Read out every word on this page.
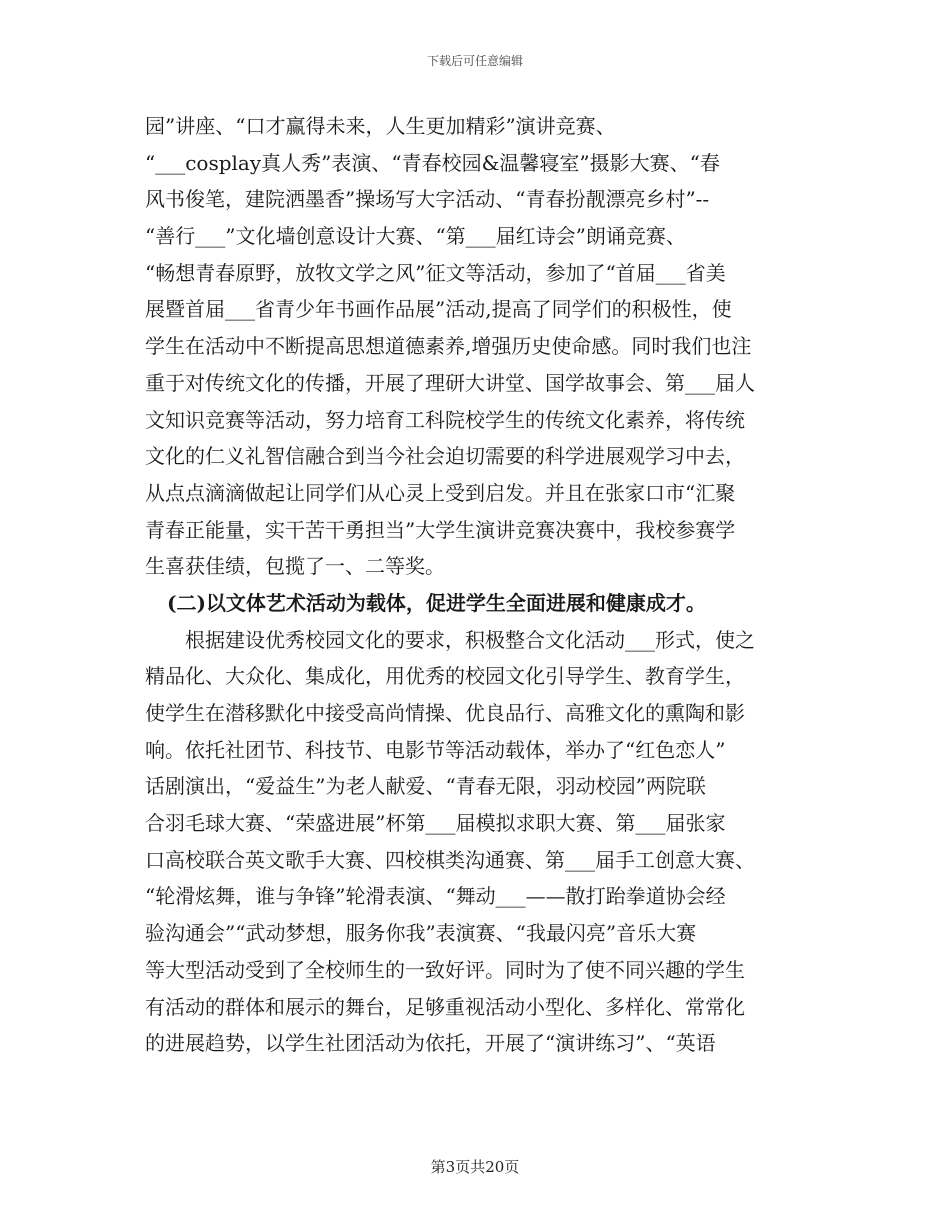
下载后可任意编辑
园”讲座、“口才赢得未来，人生更加精彩”演讲竞赛、
“___cosplay真人秀”表演、“青春校园&温馨寝室”摄影大赛、“春
风书俊笔，建院洒墨香”操场写大字活动、“青春扮靓漂亮乡村”--
“善行___”文化墙创意设计大赛、“第___届红诗会”朗诵竞赛、
“畅想青春原野，放牧文学之风”征文等活动，参加了“首届___省美
展暨首届___省青少年书画作品展”活动,提高了同学们的积极性，使
学生在活动中不断提高思想道德素养,增强历史使命感。同时我们也注
重于对传统文化的传播，开展了理研大讲堂、国学故事会、第___届人
文知识竞赛等活动，努力培育工科院校学生的传统文化素养，将传统
文化的仁义礼智信融合到当今社会迫切需要的科学进展观学习中去，
从点点滴滴做起让同学们从心灵上受到启发。并且在张家口市“汇聚
青春正能量，实干苦干勇担当”大学生演讲竞赛决赛中，我校参赛学
生喜获佳绩，包揽了一、二等奖。
(二)以文体艺术活动为载体，促进学生全面进展和健康成才。
　　根据建设优秀校园文化的要求，积极整合文化活动___形式，使之
精品化、大众化、集成化，用优秀的校园文化引导学生、教育学生，
使学生在潜移默化中接受高尚情操、优良品行、高雅文化的熏陶和影
响。依托社团节、科技节、电影节等活动载体，举办了“红色恋人”
话剧演出，“爱益生”为老人献爱、“青春无限，羽动校园”两院联
合羽毛球大赛、“荣盛进展”杯第___届模拟求职大赛、第___届张家
口高校联合英文歌手大赛、四校棋类沟通赛、第___届手工创意大赛、
“轮滑炫舞，谁与争锋”轮滑表演、“舞动___——散打跆拳道协会经
验沟通会”“武动梦想，服务你我”表演赛、“我最闪亮”音乐大赛
等大型活动受到了全校师生的一致好评。同时为了使不同兴趣的学生
有活动的群体和展示的舞台，足够重视活动小型化、多样化、常常化
的进展趋势，以学生社团活动为依托，开展了“演讲练习”、“英语
第3页共20页
